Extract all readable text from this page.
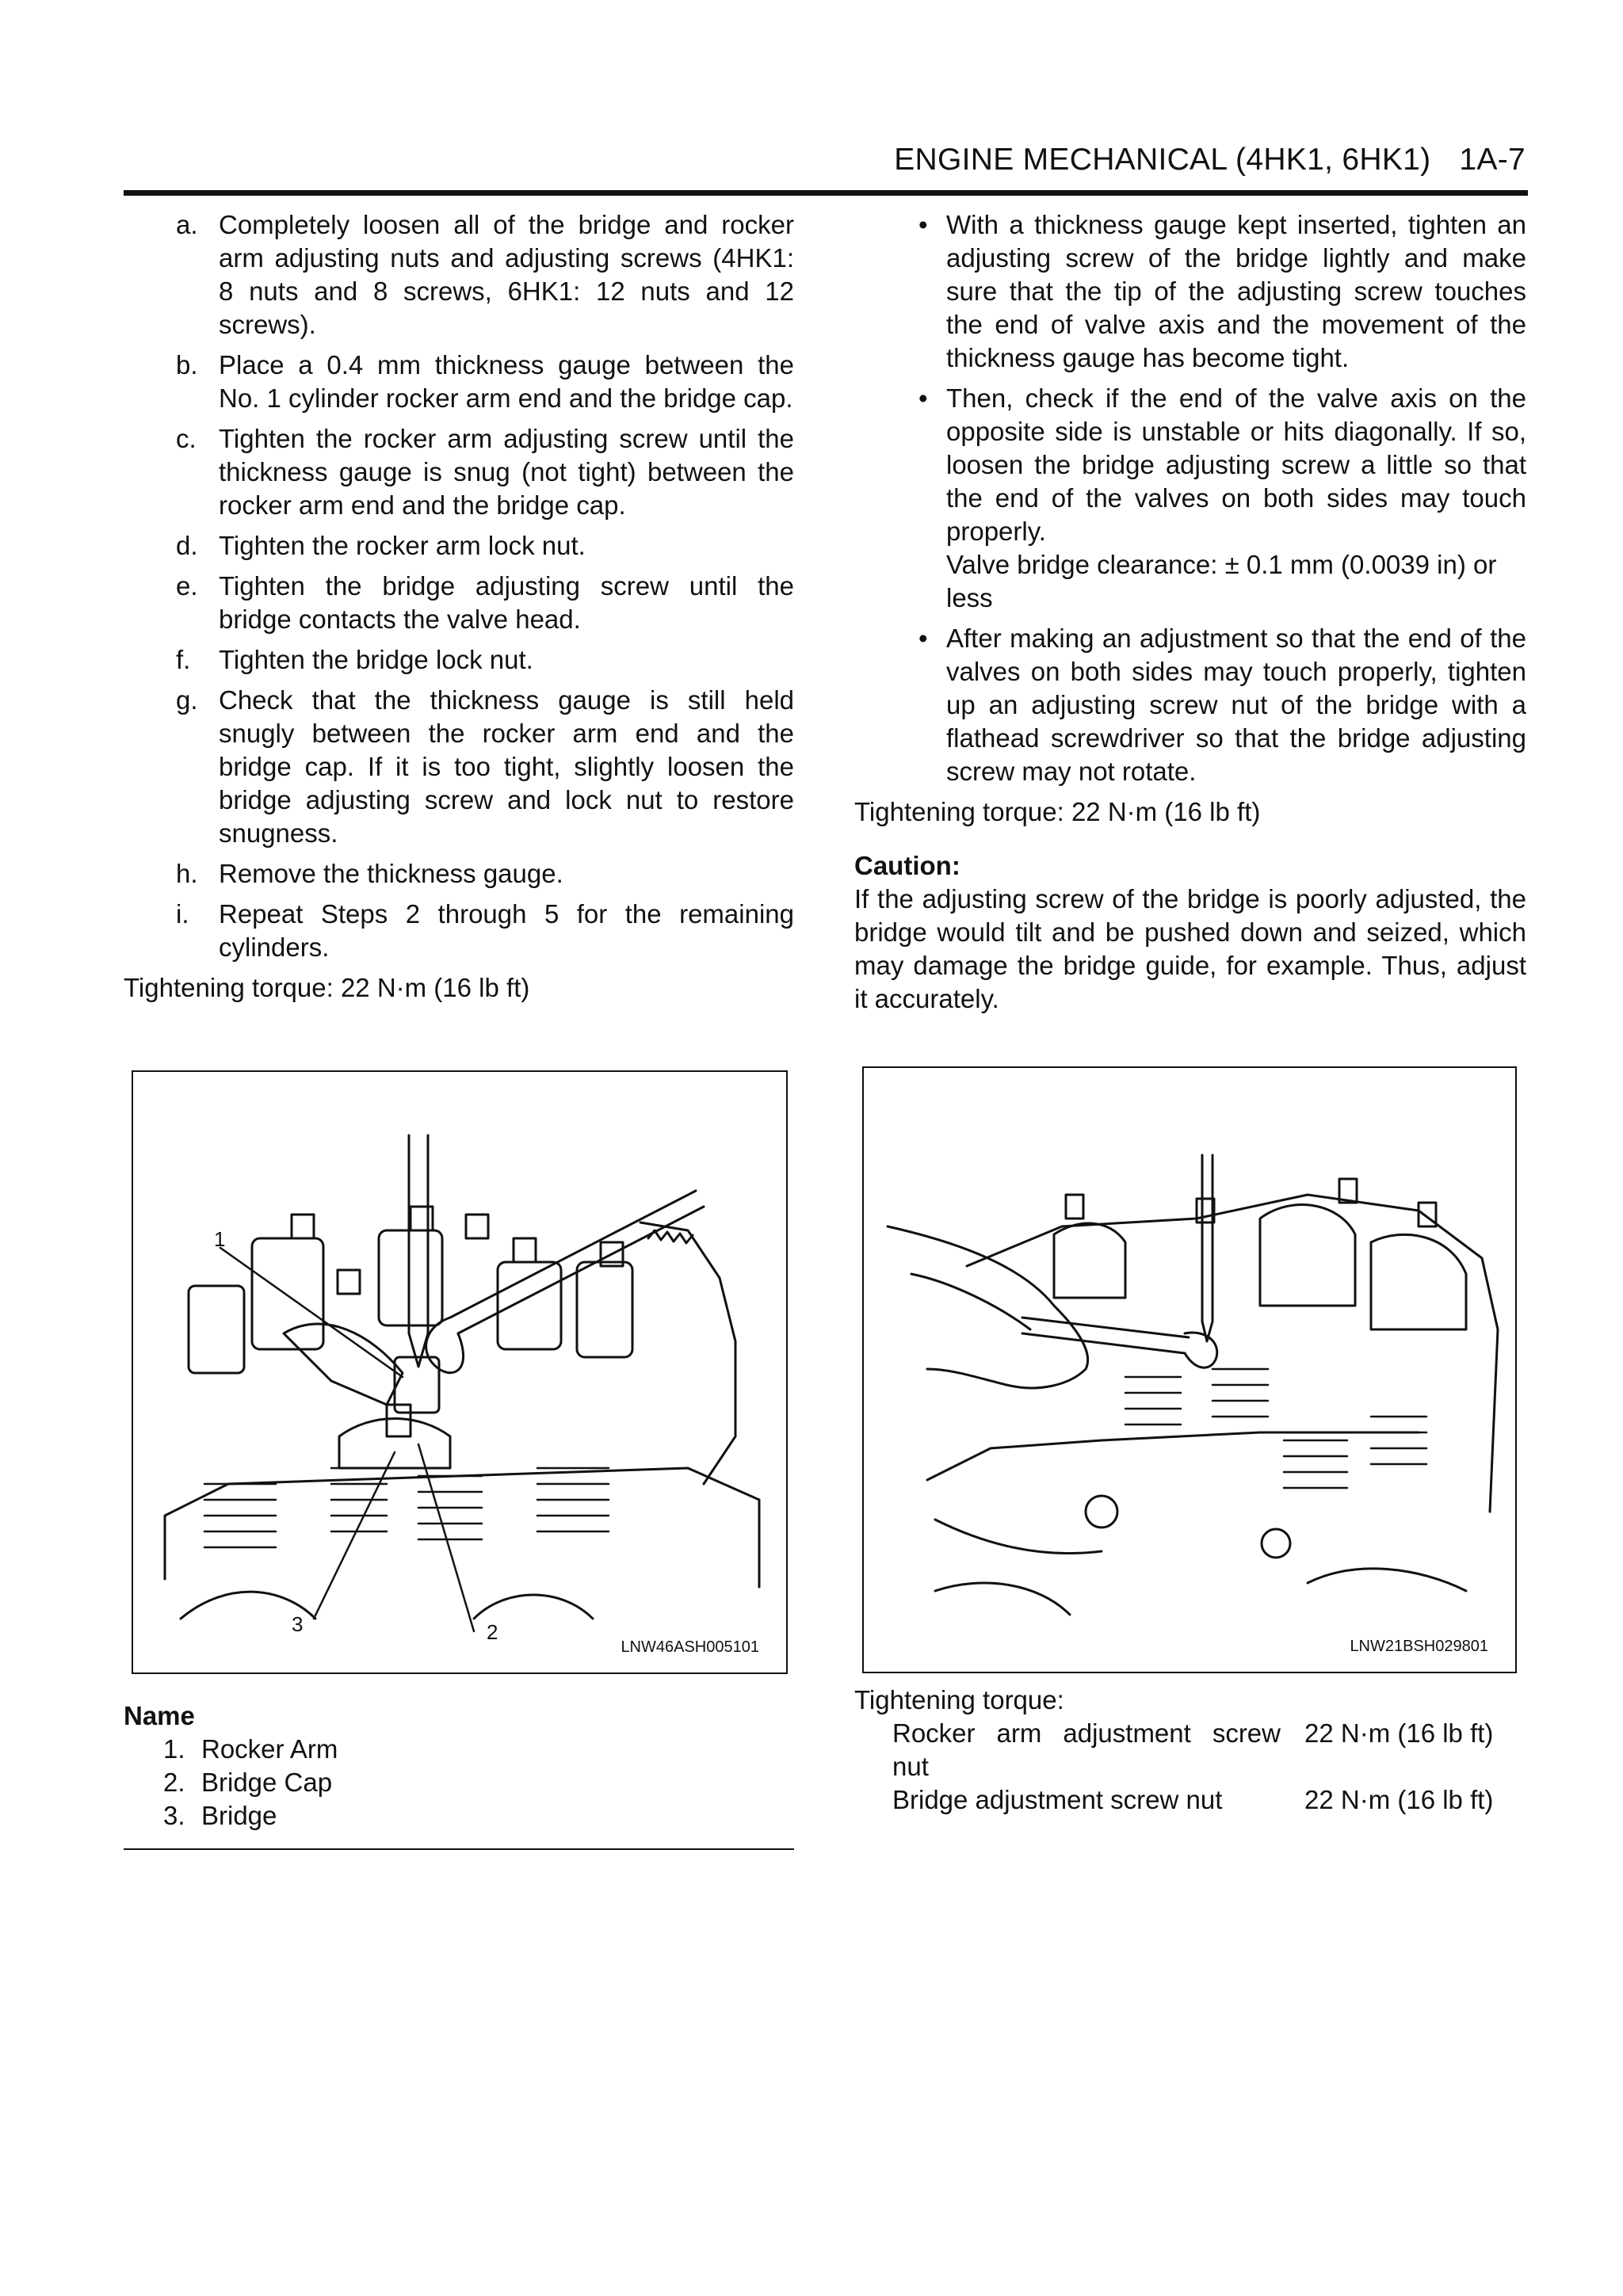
ENGINE MECHANICAL (4HK1, 6HK1) 1A-7
a. Completely loosen all of the bridge and rocker arm adjusting nuts and adjusting screws (4HK1: 8 nuts and 8 screws, 6HK1: 12 nuts and 12 screws).
b. Place a 0.4 mm thickness gauge between the No. 1 cylinder rocker arm end and the bridge cap.
c. Tighten the rocker arm adjusting screw until the thickness gauge is snug (not tight) between the rocker arm end and the bridge cap.
d. Tighten the rocker arm lock nut.
e. Tighten the bridge adjusting screw until the bridge contacts the valve head.
f. Tighten the bridge lock nut.
g. Check that the thickness gauge is still held snugly between the rocker arm end and the bridge cap. If it is too tight, slightly loosen the bridge adjusting screw and lock nut to restore snugness.
h. Remove the thickness gauge.
i. Repeat Steps 2 through 5 for the remaining cylinders.
Tightening torque: 22 N·m (16 lb ft)
1
2
3
LNW46ASH005101
Name
1. Rocker Arm
2. Bridge Cap
3. Bridge
• With a thickness gauge kept inserted, tighten an adjusting screw of the bridge lightly and make sure that the tip of the adjusting screw touches the end of valve axis and the movement of the thickness gauge has become tight.
• Then, check if the end of the valve axis on the opposite side is unstable or hits diagonally. If so, loosen the bridge adjusting screw a little so that the end of the valves on both sides may touch properly.
Valve bridge clearance: ± 0.1 mm (0.0039 in) or less
• After making an adjustment so that the end of the valves on both sides may touch properly, tighten up an adjusting screw nut of the bridge with a flathead screwdriver so that the bridge adjusting screw may not rotate.
Tightening torque: 22 N·m (16 lb ft)
Caution:
If the adjusting screw of the bridge is poorly adjusted, the bridge would tilt and be pushed down and seized, which may damage the bridge guide, for example. Thus, adjust it accurately.
LNW21BSH029801
Tightening torque:
Rocker arm adjustment screw nut
22 N·m (16 lb ft)
Bridge adjustment screw nut	22 N·m (16 lb ft)
